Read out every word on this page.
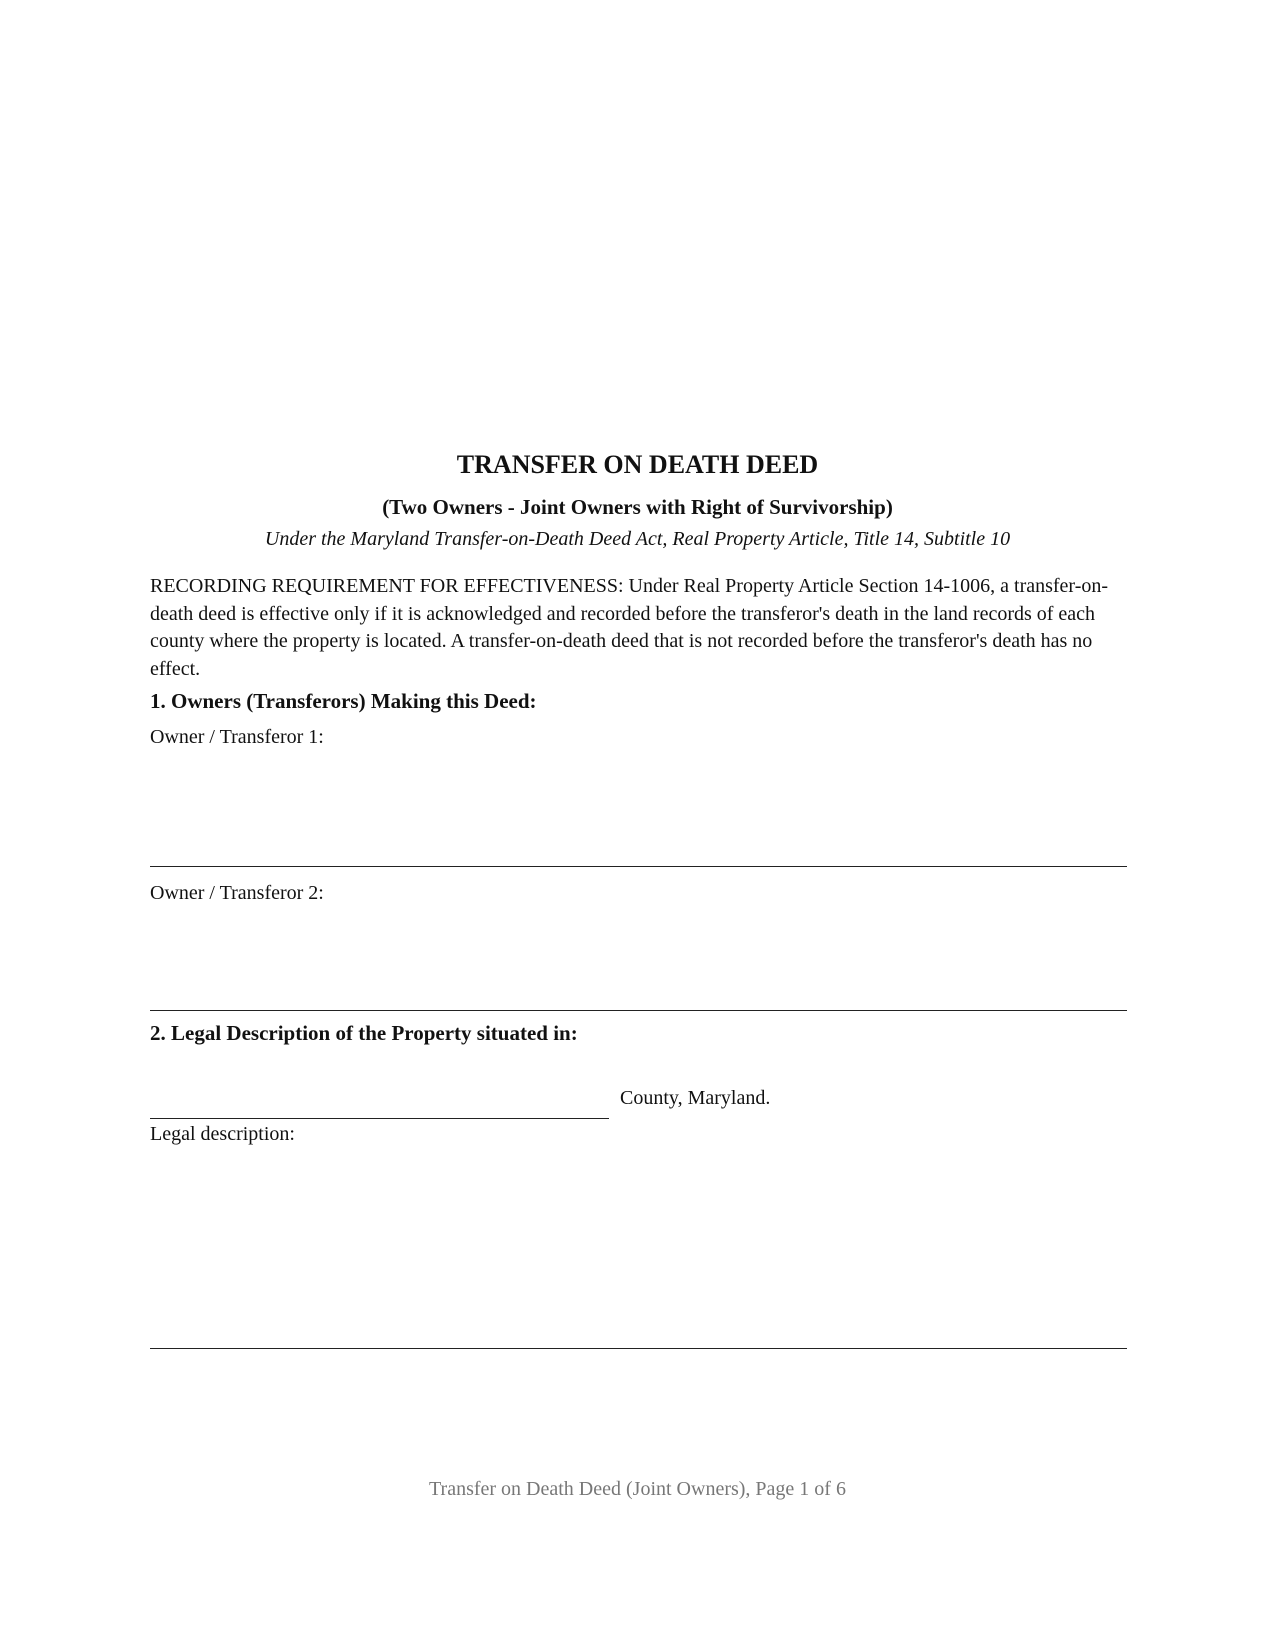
TRANSFER ON DEATH DEED
(Two Owners - Joint Owners with Right of Survivorship)
Under the Maryland Transfer-on-Death Deed Act, Real Property Article, Title 14, Subtitle 10
RECORDING REQUIREMENT FOR EFFECTIVENESS: Under Real Property Article Section 14-1006, a transfer-on-death deed is effective only if it is acknowledged and recorded before the transferor's death in the land records of each county where the property is located. A transfer-on-death deed that is not recorded before the transferor's death has no effect.
1. Owners (Transferors) Making this Deed:
Owner / Transferor 1:
Owner / Transferor 2:
2. Legal Description of the Property situated in:
County, Maryland.
Legal description:
Transfer on Death Deed (Joint Owners), Page 1 of 6
